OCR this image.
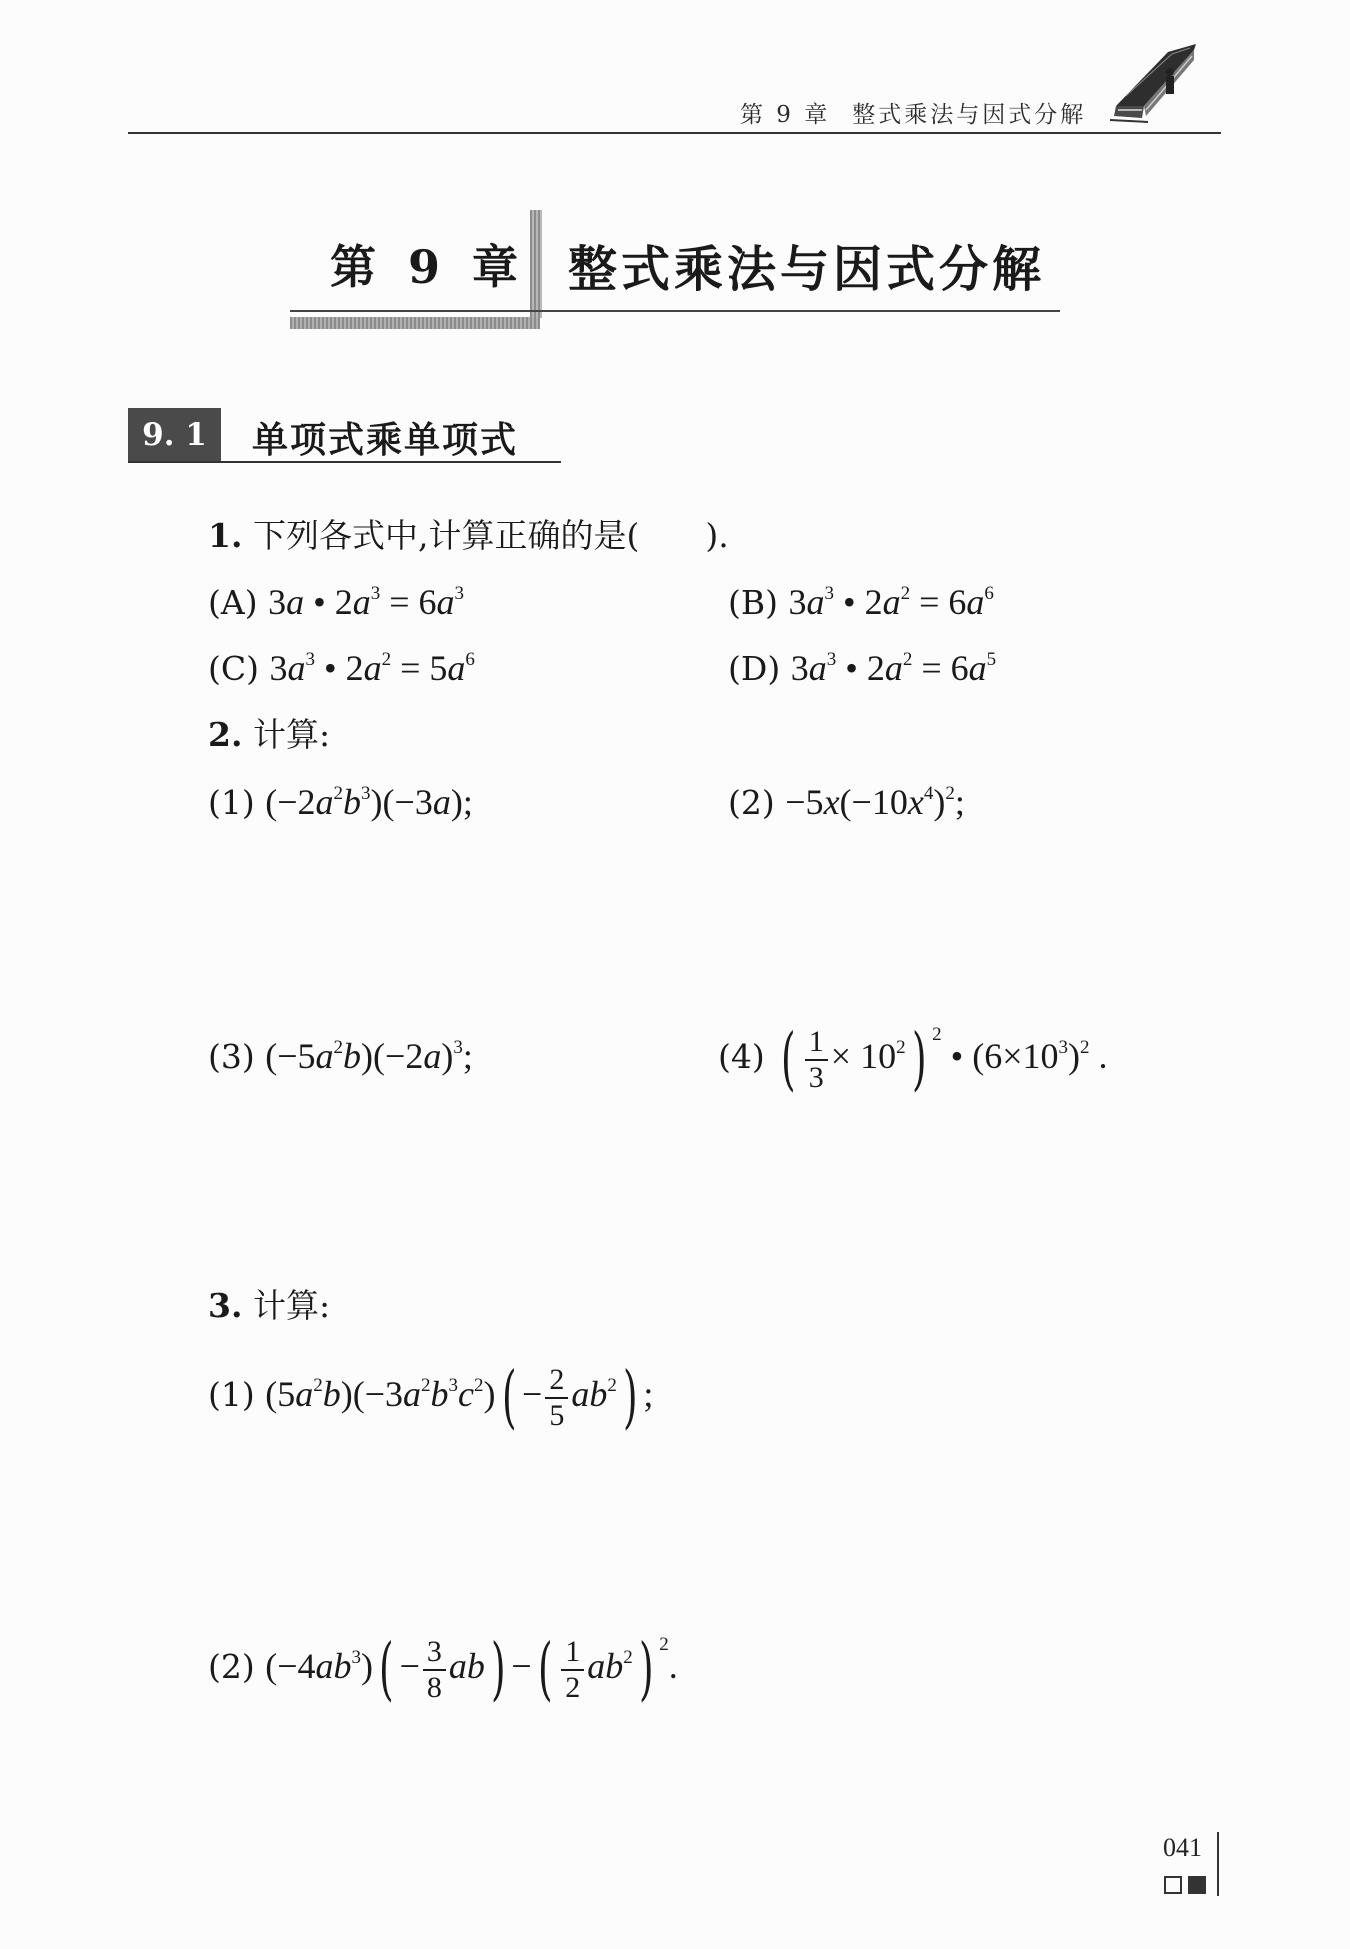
第 9 章 整式乘法与因式分解
第 9 章 整式乘法与因式分解
9. 1	单项式乘单项式
1. 下列各式中,计算正确的是(　　).
(A) 3a • $2a^3 = 6a^3$	(B) $3a^3$ • $2a^2 = 6a^6$
(C) $3a^3$ • $2a^2 = 5a^6$	(D) $3a^3$ • $2a^2 = 6a^5$
2. 计算:
(1) $(-2a^2b^3)(-3a)$;	$(2) -5x(-10x^4)^2$;
(3) $(-5a^2b)(-2a)^3$;	(4) ( $\frac{1}{3} \times 10^2$) $^2$ • $(6\times 10^3)^2$ .
3. 计算:
(1) $(5a^2b)(-3a^2b^3c^2)( - \frac{2}{5} ab^2)$ ;
(2) $(-4ab^3)( - \frac{3}{8} ab)$ −( $\frac{1}{2} ab^2$) $^2$.
041
